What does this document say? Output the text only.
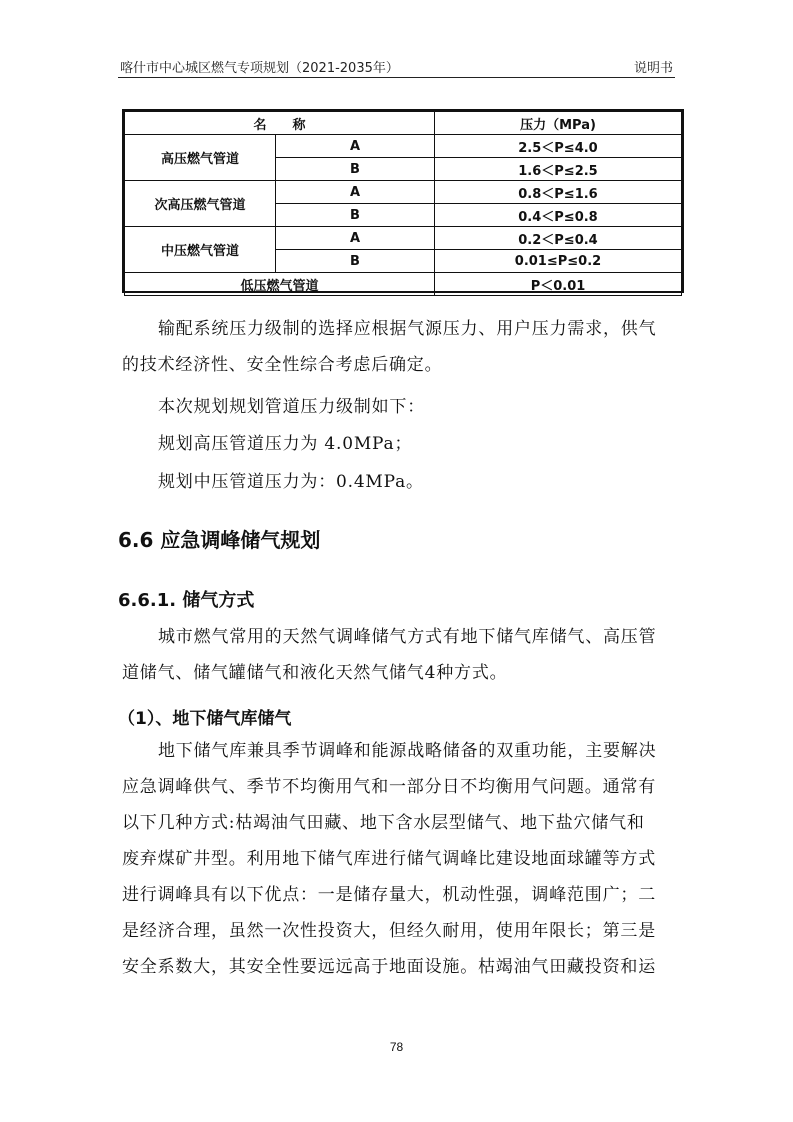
喀什市中心城区燃气专项规划（2021-2035年）	说明书
名　　称		压力（MPa)
高压燃气管道	A	2.5＜P≤4.0
	B	1.6＜P≤2.5
次高压燃气管道	A	0.8＜P≤1.6
	B	0.4＜P≤0.8
中压燃气管道	A	0.2＜P≤0.4
	B	0.01≤P≤0.2
低压燃气管道		P＜0.01
输配系统压力级制的选择应根据气源压力、用户压力需求，供气
的技术经济性、安全性综合考虑后确定。
本次规划规划管道压力级制如下：
规划高压管道压力为 4.0MPa；
规划中压管道压力为：0.4MPa。
6.6 应急调峰储气规划
6.6.1. 储气方式
城市燃气常用的天然气调峰储气方式有地下储气库储气、高压管
道储气、储气罐储气和液化天然气储气4种方式。
（1）、地下储气库储气
地下储气库兼具季节调峰和能源战略储备的双重功能，主要解决
应急调峰供气、季节不均衡用气和一部分日不均衡用气问题。通常有
以下几种方式:枯竭油气田藏、地下含水层型储气、地下盐穴储气和
废弃煤矿井型。利用地下储气库进行储气调峰比建设地面球罐等方式
进行调峰具有以下优点：一是储存量大，机动性强，调峰范围广；二
是经济合理，虽然一次性投资大，但经久耐用，使用年限长；第三是
安全系数大，其安全性要远远高于地面设施。枯竭油气田藏投资和运
78
